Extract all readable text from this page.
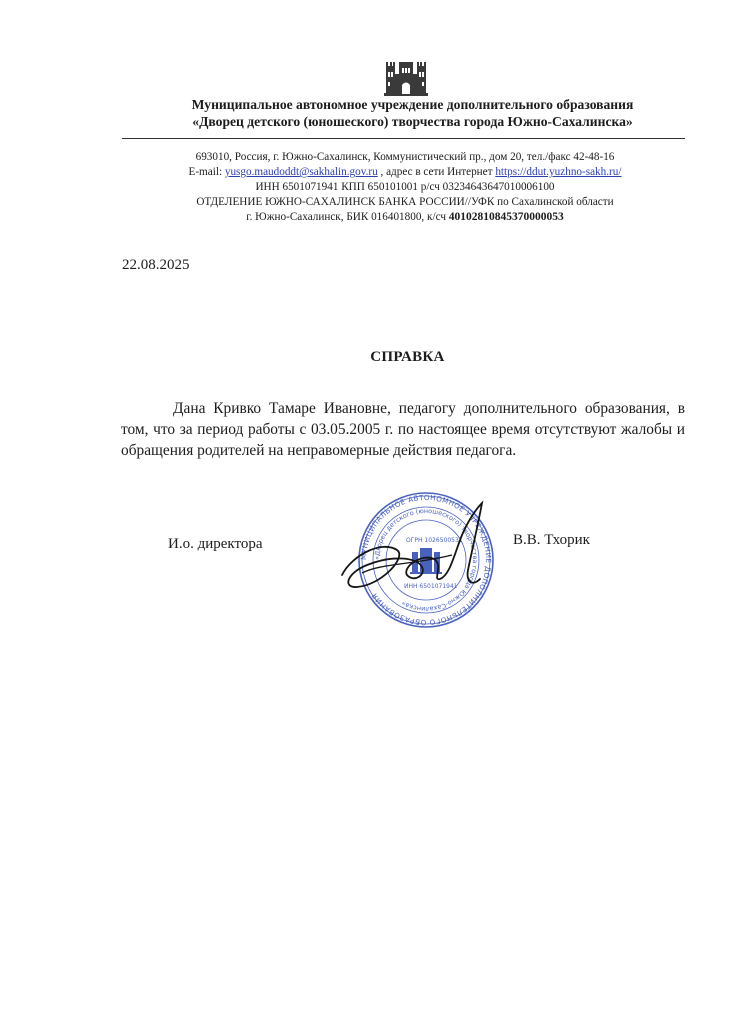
Муниципальное автономное учреждение дополнительного образования
«Дворец детского (юношеского) творчества города Южно-Сахалинска»
693010, Россия, г. Южно-Сахалинск, Коммунистический пр., дом 20, тел./факс 42-48-16
E-mail: yusgo.maudoddt@sakhalin.gov.ru , адрес в сети Интернет https://ddut.yuzhno-sakh.ru/
ИНН 6501071941 КПП 650101001 р/сч 03234643647010006100
ОТДЕЛЕНИЕ ЮЖНО-САХАЛИНСК БАНКА РОССИИ//УФК по Сахалинской области
г. Южно-Сахалинск, БИК 016401800, к/сч 40102810845370000053
22.08.2025
СПРАВКА

Дана Кривко Тамаре Ивановне, педагогу дополнительного образования, в том, что за период работы с 03.05.2005 г. по настоящее время отсутствуют жалобы и обращения родителей на неправомерные действия педагога.

И.о. директора	В.В. Тхорик
МУНИЦИПАЛЬНОЕ АВТОНОМНОЕ УЧРЕЖДЕНИЕ ДОПОЛНИТЕЛЬНОГО ОБРАЗОВАНИЯ
«Дворец детского (юношеского) творчества города Южно-Сахалинска»
ОГРН 1026500531
ИНН 6501071941
